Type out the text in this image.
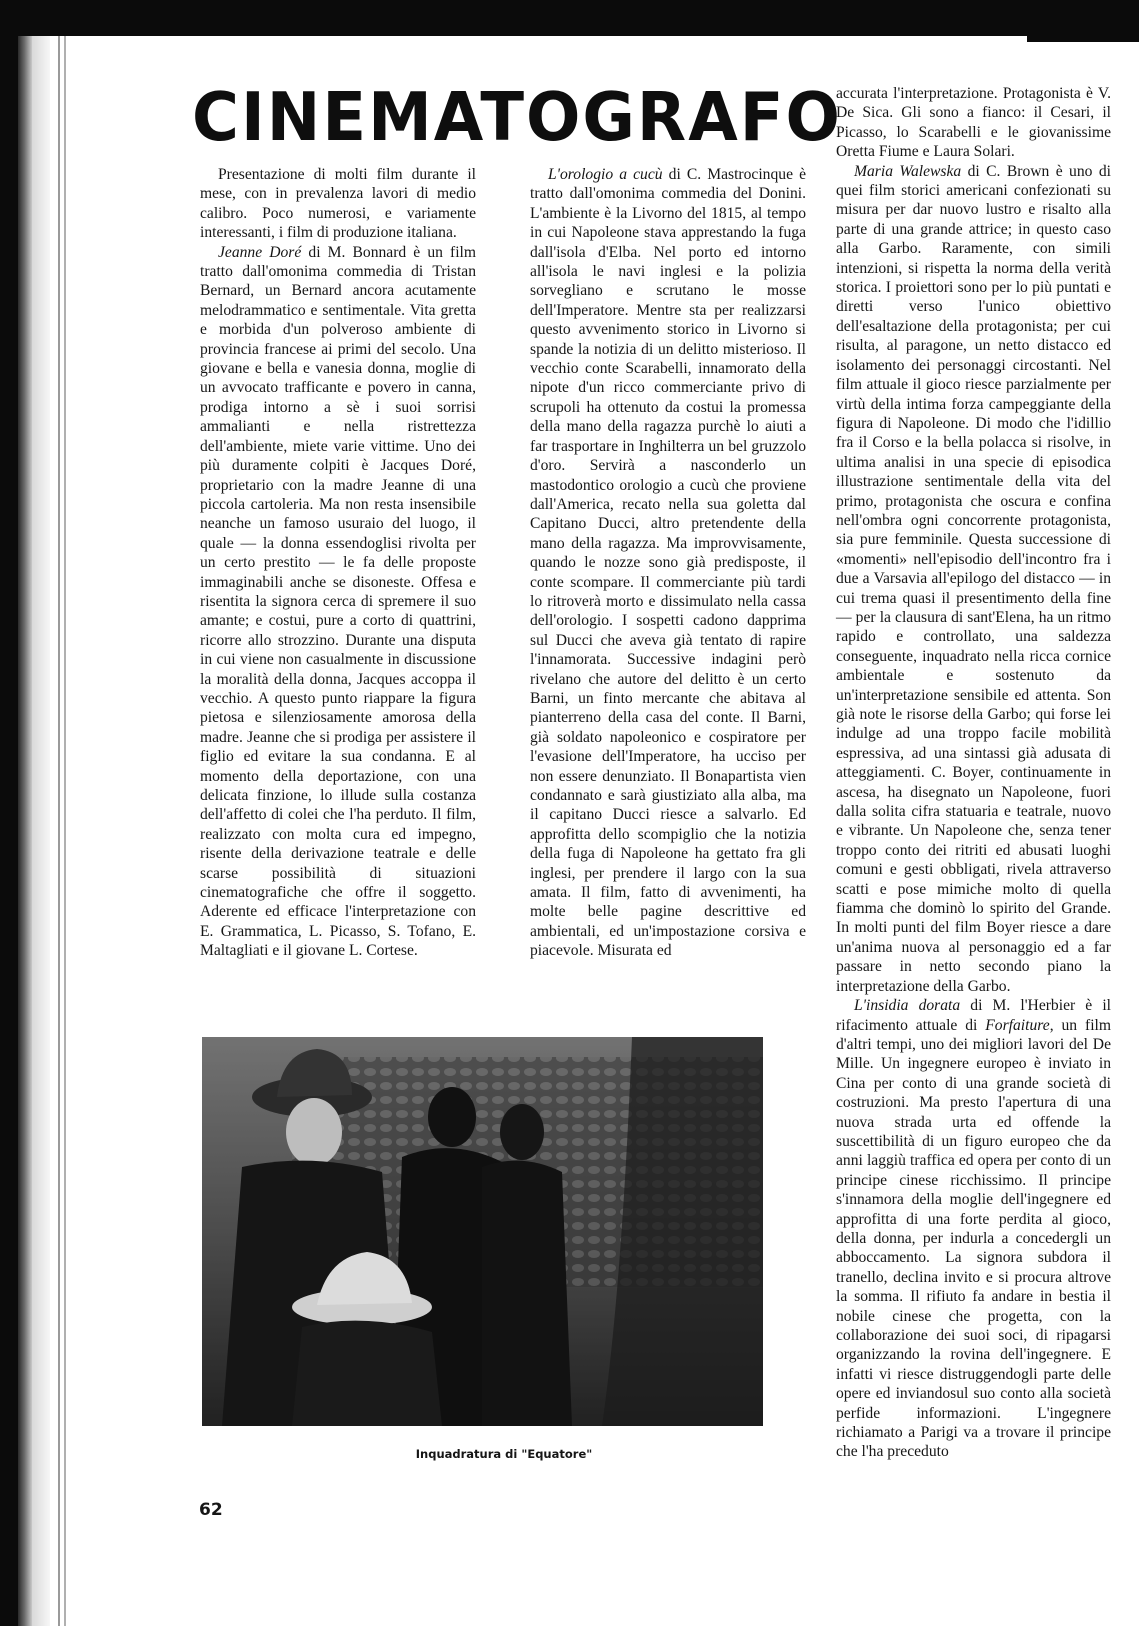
CINEMATOGRAFO

Presentazione di molti film durante il mese, con in prevalenza lavori di medio calibro. Poco numerosi, e variamente interessanti, i film di produzione italiana.

Jeanne Doré di M. Bonnard è un film tratto dall'omonima commedia di Tristan Bernard, un Bernard ancora acutamente melodrammatico e sentimentale. Vita gretta e morbida d'un polveroso ambiente di provincia francese ai primi del secolo. Una giovane e bella e vanesia donna, moglie di un avvocato trafficante e povero in canna, prodiga intorno a sè i suoi sorrisi ammalianti e nella ristrettezza dell'ambiente, miete varie vittime. Uno dei più duramente colpiti è Jacques Doré, proprietario con la madre Jeanne di una piccola cartoleria. Ma non resta insensibile neanche un famoso usuraio del luogo, il quale — la donna essendoglisi rivolta per un certo prestito — le fa delle proposte immaginabili anche se disoneste. Offesa e risentita la signora cerca di spremere il suo amante; e costui, pure a corto di quattrini, ricorre allo strozzino. Durante una disputa in cui viene non casualmente in discussione la moralità della donna, Jacques accoppa il vecchio. A questo punto riappare la figura pietosa e silenziosamente amorosa della madre. Jeanne che si prodiga per assistere il figlio ed evitare la sua condanna. E al momento della deportazione, con una delicata finzione, lo illude sulla costanza dell'affetto di colei che l'ha perduto. Il film, realizzato con molta cura ed impegno, risente della derivazione teatrale e delle scarse possibilità di situazioni cinematografiche che offre il soggetto. Aderente ed efficace l'interpretazione con E. Grammatica, L. Picasso, S. Tofano, E. Maltagliati e il giovane L. Cortese.

L'orologio a cucù di C. Mastrocinque è tratto dall'omonima commedia del Donini. L'ambiente è la Livorno del 1815, al tempo in cui Napoleone stava apprestando la fuga dall'isola d'Elba. Nel porto ed intorno all'isola le navi inglesi e la polizia sorvegliano e scrutano le mosse dell'Imperatore. Mentre sta per realizzarsi questo avvenimento storico in Livorno si spande la notizia di un delitto misterioso. Il vecchio conte Scarabelli, innamorato della nipote d'un ricco commerciante privo di scrupoli ha ottenuto da costui la promessa della mano della ragazza purchè lo aiuti a far trasportare in Inghilterra un bel gruzzolo d'oro. Servirà a nasconderlo un mastodontico orologio a cucù che proviene dall'America, recato nella sua goletta dal Capitano Ducci, altro pretendente della mano della ragazza. Ma improvvisamente, quando le nozze sono già predisposte, il conte scompare. Il commerciante più tardi lo ritroverà morto e dissimulato nella cassa dell'orologio. I sospetti cadono dapprima sul Ducci che aveva già tentato di rapire l'innamorata. Successive indagini però rivelano che autore del delitto è un certo Barni, un finto mercante che abitava al pianterreno della casa del conte. Il Barni, già soldato napoleonico e cospiratore per l'evasione dell'Imperatore, ha ucciso per non essere denunziato. Il Bonapartista vien condannato e sarà giustiziato alla alba, ma il capitano Ducci riesce a salvarlo. Ed approfitta dello scompiglio che la notizia della fuga di Napoleone ha gettato fra gli inglesi, per prendere il largo con la sua amata. Il film, fatto di avvenimenti, ha molte belle pagine descrittive ed ambientali, ed un'impostazione corsiva e piacevole. Misurata ed

accurata l'interpretazione. Protagonista è V. De Sica. Gli sono a fianco: il Cesari, il Picasso, lo Scarabelli e le giovanissime Oretta Fiume e Laura Solari.

Maria Walewska di C. Brown è uno di quei film storici americani confezionati su misura per dar nuovo lustro e risalto alla parte di una grande attrice; in questo caso alla Garbo. Raramente, con simili intenzioni, si rispetta la norma della verità storica. I proiettori sono per lo più puntati e diretti verso l'unico obiettivo dell'esaltazione della protagonista; per cui risulta, al paragone, un netto distacco ed isolamento dei personaggi circostanti. Nel film attuale il gioco riesce parzialmente per virtù della intima forza campeggiante della figura di Napoleone. Di modo che l'idillio fra il Corso e la bella polacca si risolve, in ultima analisi in una specie di episodica illustrazione sentimentale della vita del primo, protagonista che oscura e confina nell'ombra ogni concorrente protagonista, sia pure femminile. Questa successione di «momenti» nell'episodio dell'incontro fra i due a Varsavia all'epilogo del distacco — in cui trema quasi il presentimento della fine — per la clausura di sant'Elena, ha un ritmo rapido e controllato, una saldezza conseguente, inquadrato nella ricca cornice ambientale e sostenuto da un'interpretazione sensibile ed attenta. Son già note le risorse della Garbo; qui forse lei indulge ad una troppo facile mobilità espressiva, ad una sintassi già adusata di atteggiamenti. C. Boyer, continuamente in ascesa, ha disegnato un Napoleone, fuori dalla solita cifra statuaria e teatrale, nuovo e vibrante. Un Napoleone che, senza tener troppo conto dei ritriti ed abusati luoghi comuni e gesti obbligati, rivela attraverso scatti e pose mimiche molto di quella fiamma che dominò lo spirito del Grande. In molti punti del film Boyer riesce a dare un'anima nuova al personaggio ed a far passare in netto secondo piano la interpretazione della Garbo.

L'insidia dorata di M. l'Herbier è il rifacimento attuale di Forfaiture, un film d'altri tempi, uno dei migliori lavori del De Mille. Un ingegnere europeo è inviato in Cina per conto di una grande società di costruzioni. Ma presto l'apertura di una nuova strada urta ed offende la suscettibilità di un figuro europeo che da anni laggiù traffica ed opera per conto di un principe cinese ricchissimo. Il principe s'innamora della moglie dell'ingegnere ed approfitta di una forte perdita al gioco, della donna, per indurla a concedergli un abboccamento. La signora subdora il tranello, declina invito e si procura altrove la somma. Il rifiuto fa andare in bestia il nobile cinese che progetta, con la collaborazione dei suoi soci, di ripagarsi organizzando la rovina dell'ingegnere. E infatti vi riesce distruggendogli parte delle opere ed inviandosul suo conto alla società perfide informazioni. L'ingegnere richiamato a Parigi va a trovare il principe che l'ha preceduto

Inquadratura di "Equatore"

62
